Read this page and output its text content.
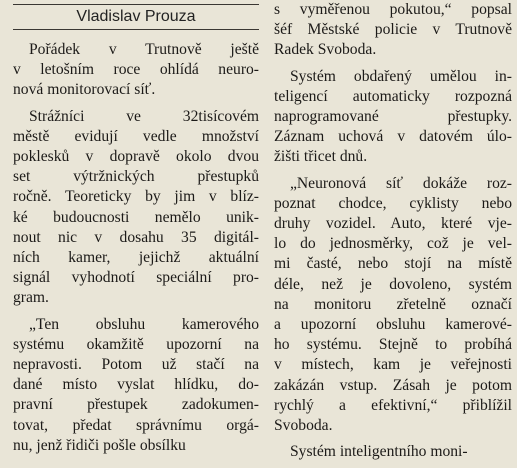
Vladislav Prouza
Pořádek v Trutnově ještě
v letošním roce ohlídá neuro-
nová monitorovací síť.
Strážníci ve 32tisícovém
městě evidují vedle množství
poklesků v dopravě okolo dvou
set výtržnických přestupků
ročně. Teoreticky by jim v blíz-
ké budoucnosti nemělo unik-
nout nic v dosahu 35 digitál-
ních kamer, jejichž aktuální
signál vyhodnotí speciální pro-
gram.
„Ten obsluhu kamerového
systému okamžitě upozorní na
nepravosti. Potom už stačí na
dané místo vyslat hlídku, do-
pravní přestupek zadokumen-
tovat, předat správnímu orgá-
nu, jenž řidiči pošle obsílku
s vyměřenou pokutou,“ popsal
šéf Městské policie v Trutnově
Radek Svoboda.
Systém obdařený umělou in-
teligencí automaticky rozpozná
naprogramované přestupky.
Záznam uchová v datovém úlo-
žišti třicet dnů.
„Neuronová síť dokáže roz-
poznat chodce, cyklisty nebo
druhy vozidel. Auto, které vje-
lo do jednosměrky, což je vel-
mi časté, nebo stojí na místě
déle, než je dovoleno, systém
na monitoru zřetelně označí
a upozorní obsluhu kamerové-
ho systému. Stejně to probíhá
v místech, kam je veřejnosti
zakázán vstup. Zásah je potom
rychlý a efektivní,“ přiblížil
Svoboda.
Systém inteligentního moni-
